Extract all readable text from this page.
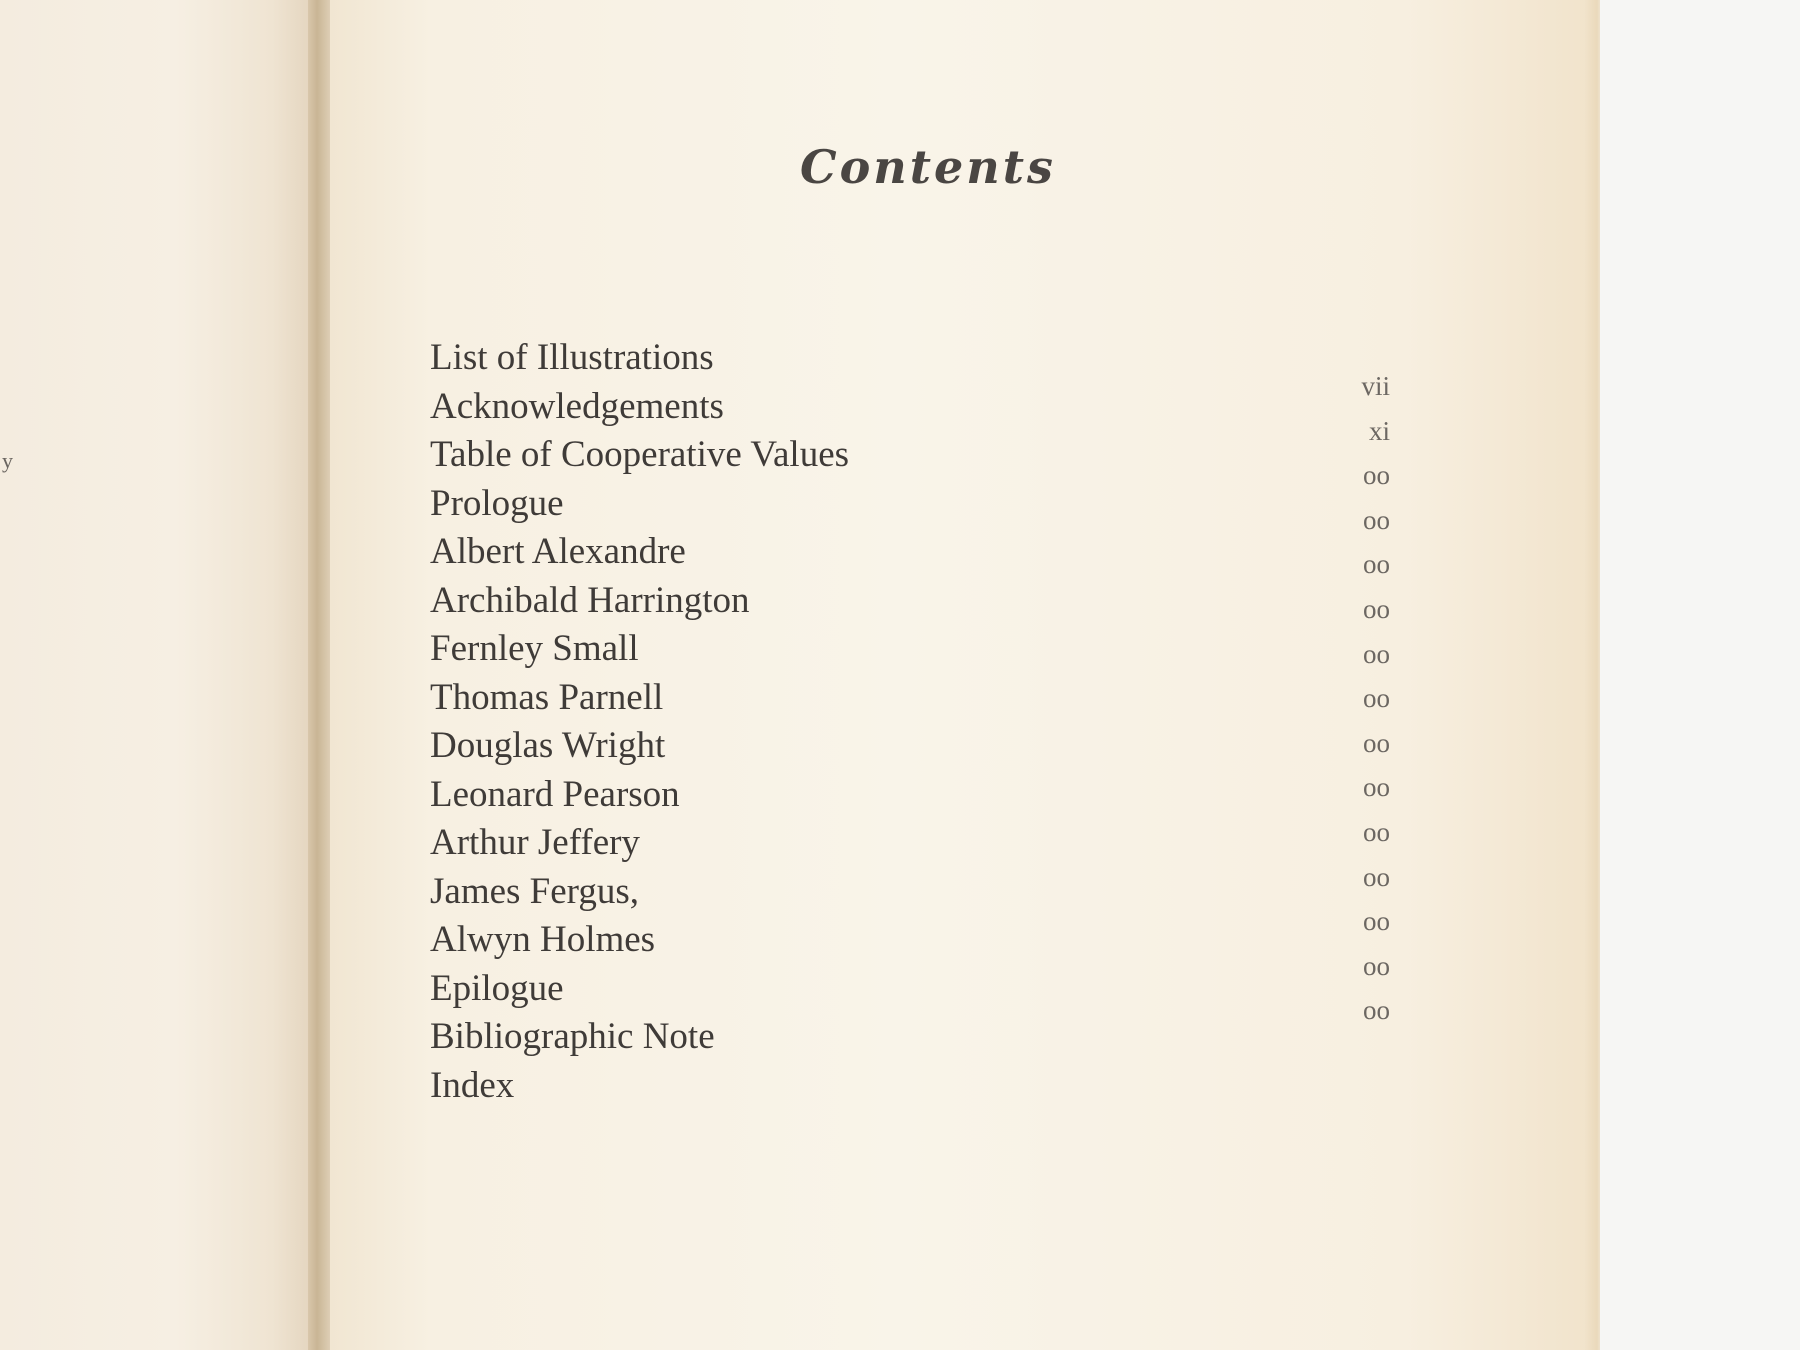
y
Contents
List of Illustrations
Acknowledgements
Table of Cooperative Values
Prologue
Albert Alexandre
Archibald Harrington
Fernley Small
Thomas Parnell
Douglas Wright
Leonard Pearson
Arthur Jeffery
James Fergus,
Alwyn Holmes
Epilogue
Bibliographic Note
Index
vii
xi
oo
oo
oo
oo
oo
oo
oo
oo
oo
oo
oo
oo
oo
